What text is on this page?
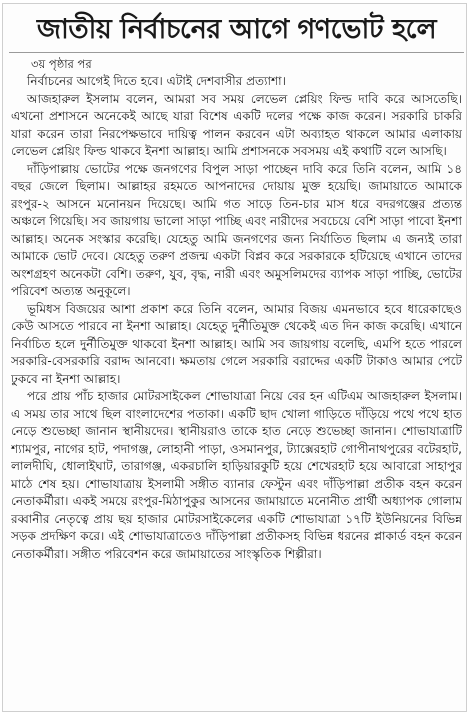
জাতীয় নির্বাচনের আগে গণভোট হলে
৩য় পৃষ্ঠার পর

নির্বাচনের আগেই দিতে হবে। এটাই দেশবাসীর প্রত্যাশা।

আজহারুল ইসলাম বলেন, আমরা সব সময় লেভেল প্লেয়িং ফিল্ড দাবি করে আসতেছি। এখনো প্রশাসনে অনেকেই আছে যারা বিশেষ একটি দলের পক্ষে কাজ করেন। সরকারি চাকরি যারা করেন তারা নিরপেক্ষভাবে দায়িত্ব পালন করবেন এটা অব্যাহত থাকলে আমার এলাকায় লেভেল প্লেয়িং ফিল্ড থাকবে ইনশা আল্লাহ। আমি প্রশাসনকে সবসময় এই কথাটি বলে আসছি।

দাঁড়িপাল্লায় ভোটের পক্ষে জনগণের বিপুল সাড়া পাচ্ছেন দাবি করে তিনি বলেন, আমি ১৪ বছর জেলে ছিলাম। আল্লাহর রহমতে আপনাদের দোয়ায় মুক্ত হয়েছি। জামায়াতে আমাকে রংপুর-২ আসনে মনোনয়ন দিয়েছে। আমি গত সাড়ে তিন-চার মাস ধরে বদরগঞ্জের প্রত্যন্ত অঞ্চলে গিয়েছি। সব জায়গায় ভালো সাড়া পাচ্ছি এবং নারীদের সবচেয়ে বেশি সাড়া পাবো ইনশা আল্লাহ। অনেক সংস্কার করেছি। যেহেতু আমি জনগণের জন্য নির্যাতিত ছিলাম এ জন্যই তারা আমাকে ভোট দেবে। যেহেতু তরুণ প্রজন্ম একটা বিপ্লব করে সরকারকে হটিয়েছে এখানে তাদের অংশগ্রহণ অনেকটা বেশি। তরুণ, যুব, বৃদ্ধ, নারী এবং অমুসলিমদের ব্যাপক সাড়া পাচ্ছি, ভোটের পরিবেশ অত্যন্ত অনুকূলে।

ভূমিধস বিজয়ের আশা প্রকাশ করে তিনি বলেন, আমার বিজয় এমনভাবে হবে ধারেকাছেও কেউ আসতে পারবে না ইনশা আল্লাহ। যেহেতু দুর্নীতিমুক্ত থেকেই এত দিন কাজ করেছি। এখানে নির্বাচিত হলে দুর্নীতিমুক্ত থাকবো ইনশা আল্লাহ। আমি সব জায়গায় বলেছি, এমপি হতে পারলে সরকারি-বেসরকারি বরাদ্দ আনবো। ক্ষমতায় গেলে সরকারি বরাদ্দের একটি টাকাও আমার পেটে ঢুকবে না ইনশা আল্লাহ।

পরে প্রায় পাঁচ হাজার মোটরসাইকেল শোভাযাত্রা নিয়ে বের হন এটিএম আজহারুল ইসলাম। এ সময় তার সাথে ছিল বাংলাদেশের পতাকা। একটি ছাদ খোলা গাড়িতে দাঁড়িয়ে পথে পথে হাত নেড়ে শুভেচ্ছা জানান স্থানীয়দের। স্থানীয়রাও তাকে হাত নেড়ে শুভেচ্ছা জানান। শোভাযাত্রাটি শ্যামপুর, নাগের হাট, পদাগঞ্জ, লোহানী পাড়া, ওসমানপুর, ট্যাক্সেরহাট গোপীনাথপুরের বটেরহাট, লালদীঘি, ধোলাইঘাট, তারাগঞ্জ, একরচালি হাড়িয়ারকুটি হয়ে শেখেরহাট হয়ে আবারো সাহাপুর মাঠে শেষ হয়। শোভাযাত্রায় ইসলামী সঙ্গীত ব্যানার ফেস্টুন এবং দাঁড়িপাল্লা প্রতীক বহন করেন নেতাকর্মীরা। একই সময়ে রংপুর-মিঠাপুকুর আসনের জামায়াতে মনোনীত প্রার্থী অধ্যাপক গোলাম রব্বানীর নেতৃত্বে প্রায় ছয় হাজার মোটরসাইকেলের একটি শোভাযাত্রা ১৭টি ইউনিয়নের বিভিন্ন সড়ক প্রদক্ষিণ করে। এই শোভাযাত্রাতেও দাঁড়িপাল্লা প্রতীকসহ বিভিন্ন ধরনের প্লাকার্ড বহন করেন নেতাকর্মীরা। সঙ্গীত পরিবেশন করে জামায়াতের সাংস্কৃতিক শিল্পীরা।
